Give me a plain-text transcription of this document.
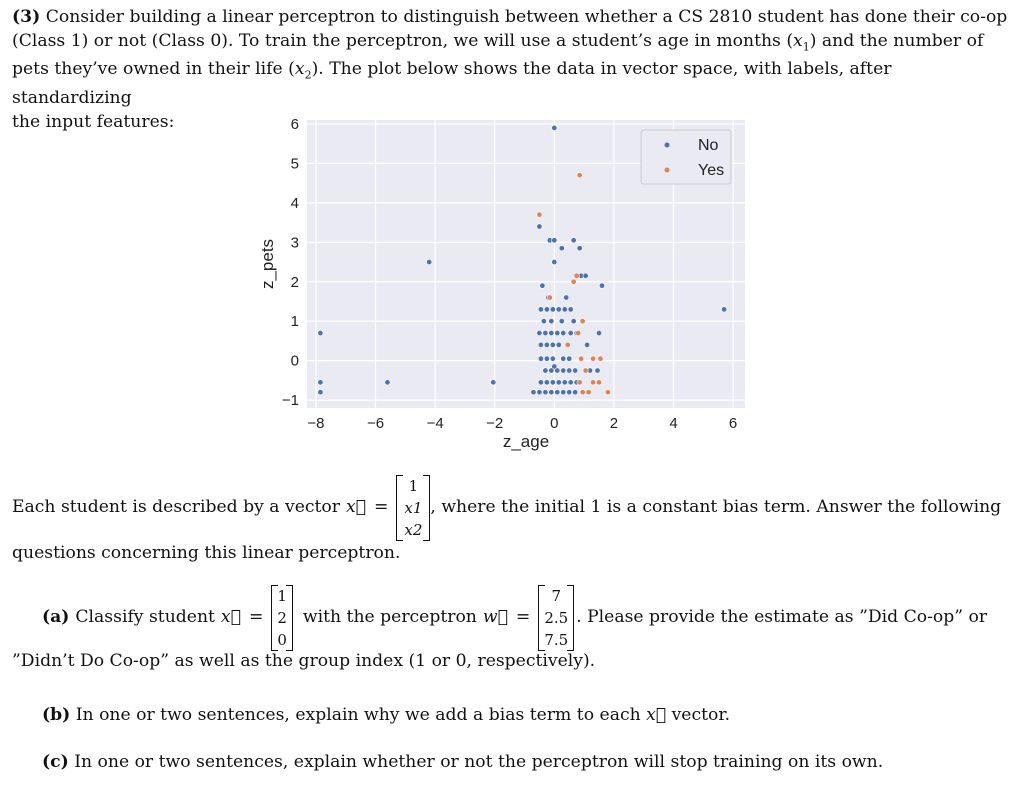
(3) Consider building a linear perceptron to distinguish between whether a CS 2810 student has done their co-op
(Class 1) or not (Class 0). To train the perceptron, we will use a student’s age in months $(x_1)$ and the number of
pets they’ve owned in their life $(x_2)$. The plot below shows the data in vector space, with labels, after standardizing
the input features:
−8	−6	−4	−2	0	2	4	6
−1
0
1
2
3
4
5
6
z_age
z_pets
No
Yes
Each student is described by a vector x⃗ =
1
x1
x2
, where the initial 1 is a constant bias term. Answer the following
questions concerning this linear perceptron.
(a) Classify student x⃗ =
1
2
0
with the perceptron w⃗ =
7
2.5
7.5
. Please provide the estimate as ”Did Co-op” or
”Didn’t Do Co-op” as well as the group index (1 or 0, respectively).
(b) In one or two sentences, explain why we add a bias term to each x⃗ vector.
(c) In one or two sentences, explain whether or not the perceptron will stop training on its own.
